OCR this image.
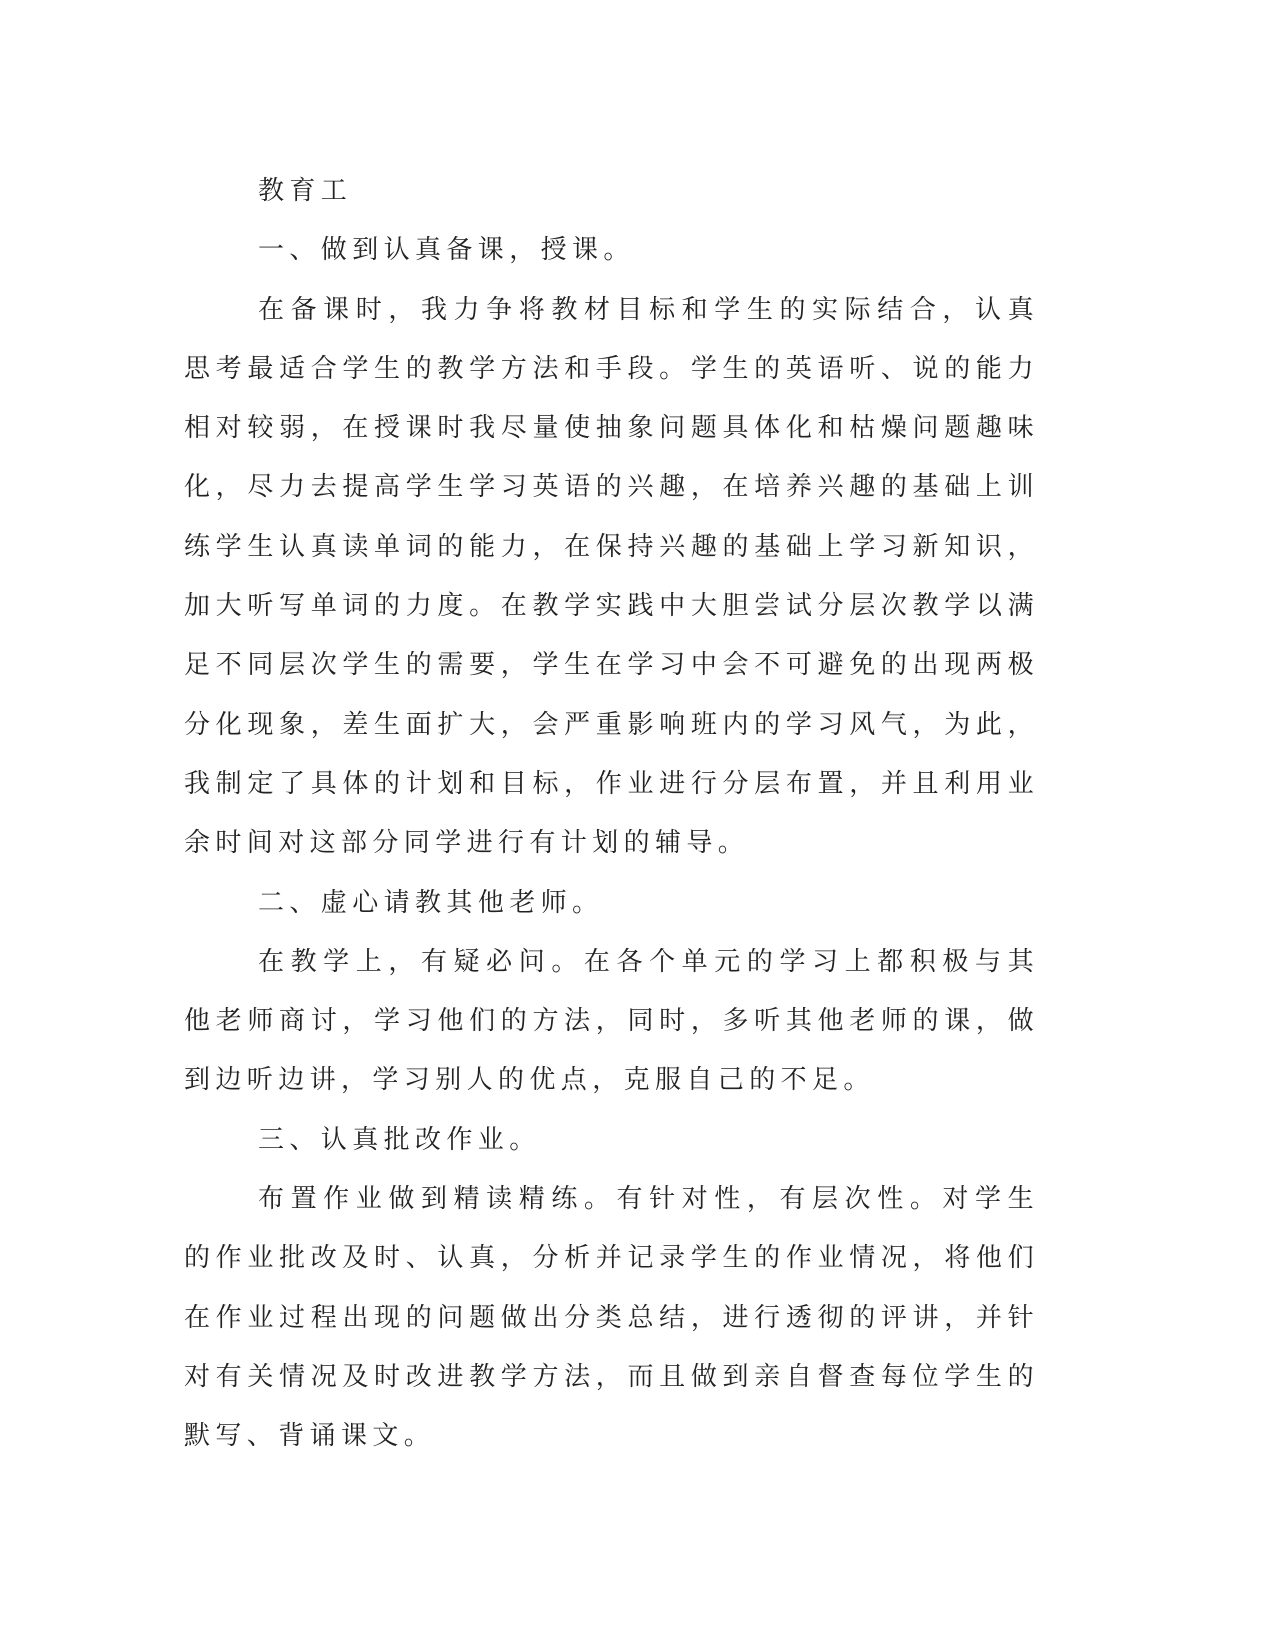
教育工

一、做到认真备课，授课。

在备课时，我力争将教材目标和学生的实际结合，认真思考最适合学生的教学方法和手段。学生的英语听、说的能力相对较弱，在授课时我尽量使抽象问题具体化和枯燥问题趣味化，尽力去提高学生学习英语的兴趣，在培养兴趣的基础上训练学生认真读单词的能力，在保持兴趣的基础上学习新知识，加大听写单词的力度。在教学实践中大胆尝试分层次教学以满足不同层次学生的需要，学生在学习中会不可避免的出现两极分化现象，差生面扩大，会严重影响班内的学习风气，为此，我制定了具体的计划和目标，作业进行分层布置，并且利用业余时间对这部分同学进行有计划的辅导。

二、虚心请教其他老师。

在教学上，有疑必问。在各个单元的学习上都积极与其他老师商讨，学习他们的方法，同时，多听其他老师的课，做到边听边讲，学习别人的优点，克服自己的不足。

三、认真批改作业。

布置作业做到精读精练。有针对性，有层次性。对学生的作业批改及时、认真，分析并记录学生的作业情况，将他们在作业过程出现的问题做出分类总结，进行透彻的评讲，并针对有关情况及时改进教学方法，而且做到亲自督查每位学生的默写、背诵课文。
